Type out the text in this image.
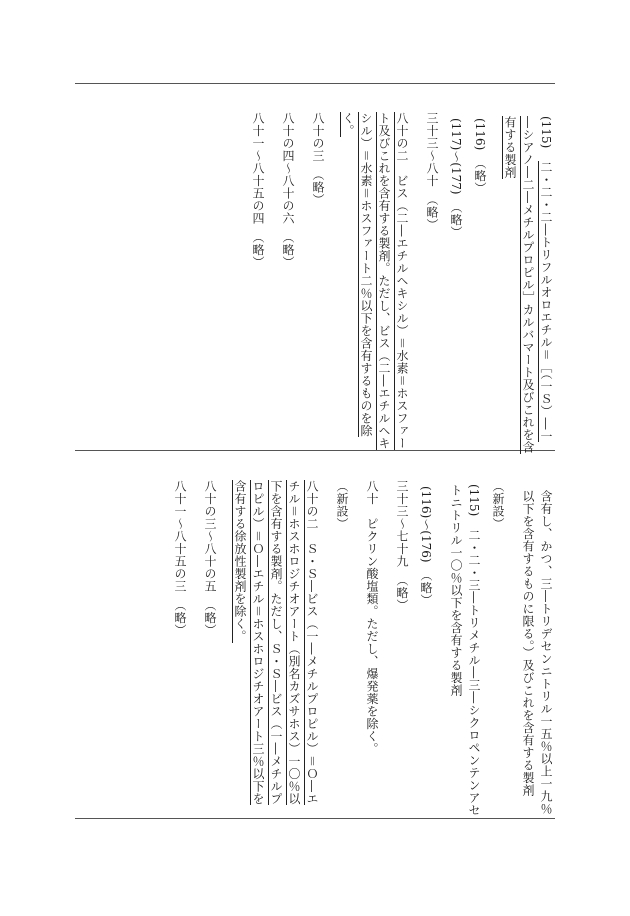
(115)　二・二・二―トリフルオロエチル＝［（一Ｓ）―一―シアノ―二―メチルプロピル］カルバマート及びこれを含有する製剤
(116)　（略）
(117)～(177)　（略）
三十三～八十　（略）
八十の二　ビス（二―エチルヘキシル）＝水素＝ホスファート及びこれを含有する製剤。ただし、ビス（二―エチルヘキシル）＝水素＝ホスファート二％以下を含有するものを除く。
八十の三　（略）
八十の四～八十の六　（略）
八十一～八十五の四　（略）
含有し、かつ、三―トリデセンニトリル一五％以上一九％以下を含有するものに限る。）及びこれを含有する製剤
（新設）
(115)　二・二・三―トリメチル―三―シクロペンテンアセトニトリル一〇％以下を含有する製剤
(116)～(176)　（略）
三十三～七十九　（略）
八十　ピクリン酸塩類。ただし、爆発薬を除く。
（新設）
八十の二　Ｓ・Ｓ―ビス（一―メチルプロピル）＝Ｏ―エチル＝ホスホロジチオアート（別名カズサホス）一〇％以下を含有する製剤。ただし、Ｓ・Ｓ―ビス（一―メチルプロピル）＝Ｏ―エチル＝ホスホロジチオアート三％以下を含有する徐放性製剤を除く。
八十の三～八十の五　（略）
八十一～八十五の三　（略）
